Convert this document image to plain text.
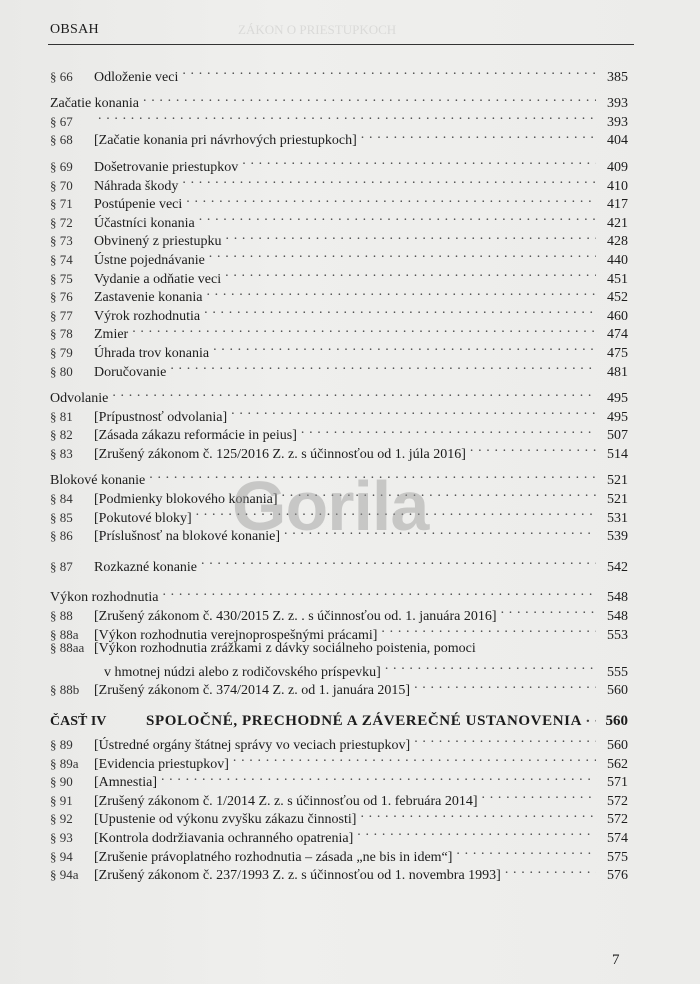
ZÁKON O PRIESTUPKOCH
OBSAH
§ 66	Odloženie veci . . .	385
Začatie konania . . .	393
§ 67 . . .	393
§ 68	[Začatie konania pri návrhových priestupkoch] . . .	404
§ 69	Došetrovanie priestupkov . . .	409
§ 70	Náhrada škody . . .	410
§ 71	Postúpenie veci . . .	417
§ 72	Účastníci konania . . .	421
§ 73	Obvinený z priestupku . . .	428
§ 74	Ústne pojednávanie . . .	440
§ 75	Vydanie a odňatie veci . . .	451
§ 76	Zastavenie konania . . .	452
§ 77	Výrok rozhodnutia . . .	460
§ 78	Zmier . . .	474
§ 79	Úhrada trov konania . . .	475
§ 80	Doručovanie . . .	481
Odvolanie . . .	495
§ 81	[Prípustnosť odvolania] . . .	495
§ 82	[Zásada zákazu reformácie in peius] . . .	507
§ 83	[Zrušený zákonom č. 125/2016 Z. z. s účinnosťou od 1. júla 2016] . . .	514
Blokové konanie . . .	521
§ 84	[Podmienky blokového konania] . . .	521
§ 85	[Pokutové bloky] . . .	531
§ 86	[Príslušnosť na blokové konanie] . . .	539
§ 87	Rozkazné konanie . . .	542
Výkon rozhodnutia . . .	548
§ 88	[Zrušený zákonom č. 430/2015 Z. z. . s účinnosťou od. 1. januára 2016] . . .	548
§ 88a	[Výkon rozhodnutia verejnoprospešnými prácami] . . .	553
§ 88aa [Výkon rozhodnutia zrážkami z dávky sociálneho poistenia, pomoci
v hmotnej núdzi alebo z rodičovského príspevku] . . .	555
§ 88b	[Zrušený zákonom č. 374/2014 Z. z. od 1. januára 2015] . . .	560
ČASŤ IV	SPOLOČNÉ, PRECHODNÉ A ZÁVEREČNÉ USTANOVENIA . . .	560
§ 89	[Ústredné orgány štátnej správy vo veciach priestupkov] . . .	560
§ 89a	[Evidencia priestupkov] . . .	562
§ 90	[Amnestia] . . .	571
§ 91	[Zrušený zákonom č. 1/2014 Z. z. s účinnosťou od 1. februára 2014] . . .	572
§ 92	[Upustenie od výkonu zvyšku zákazu činnosti] . . .	572
§ 93	[Kontrola dodržiavania ochranného opatrenia] . . .	574
§ 94	[Zrušenie právoplatného rozhodnutia – zásada „ne bis in idem“] . . .	575
§ 94a	[Zrušený zákonom č. 237/1993 Z. z. s účinnosťou od 1. novembra 1993] . . .	576
Gorila
7
